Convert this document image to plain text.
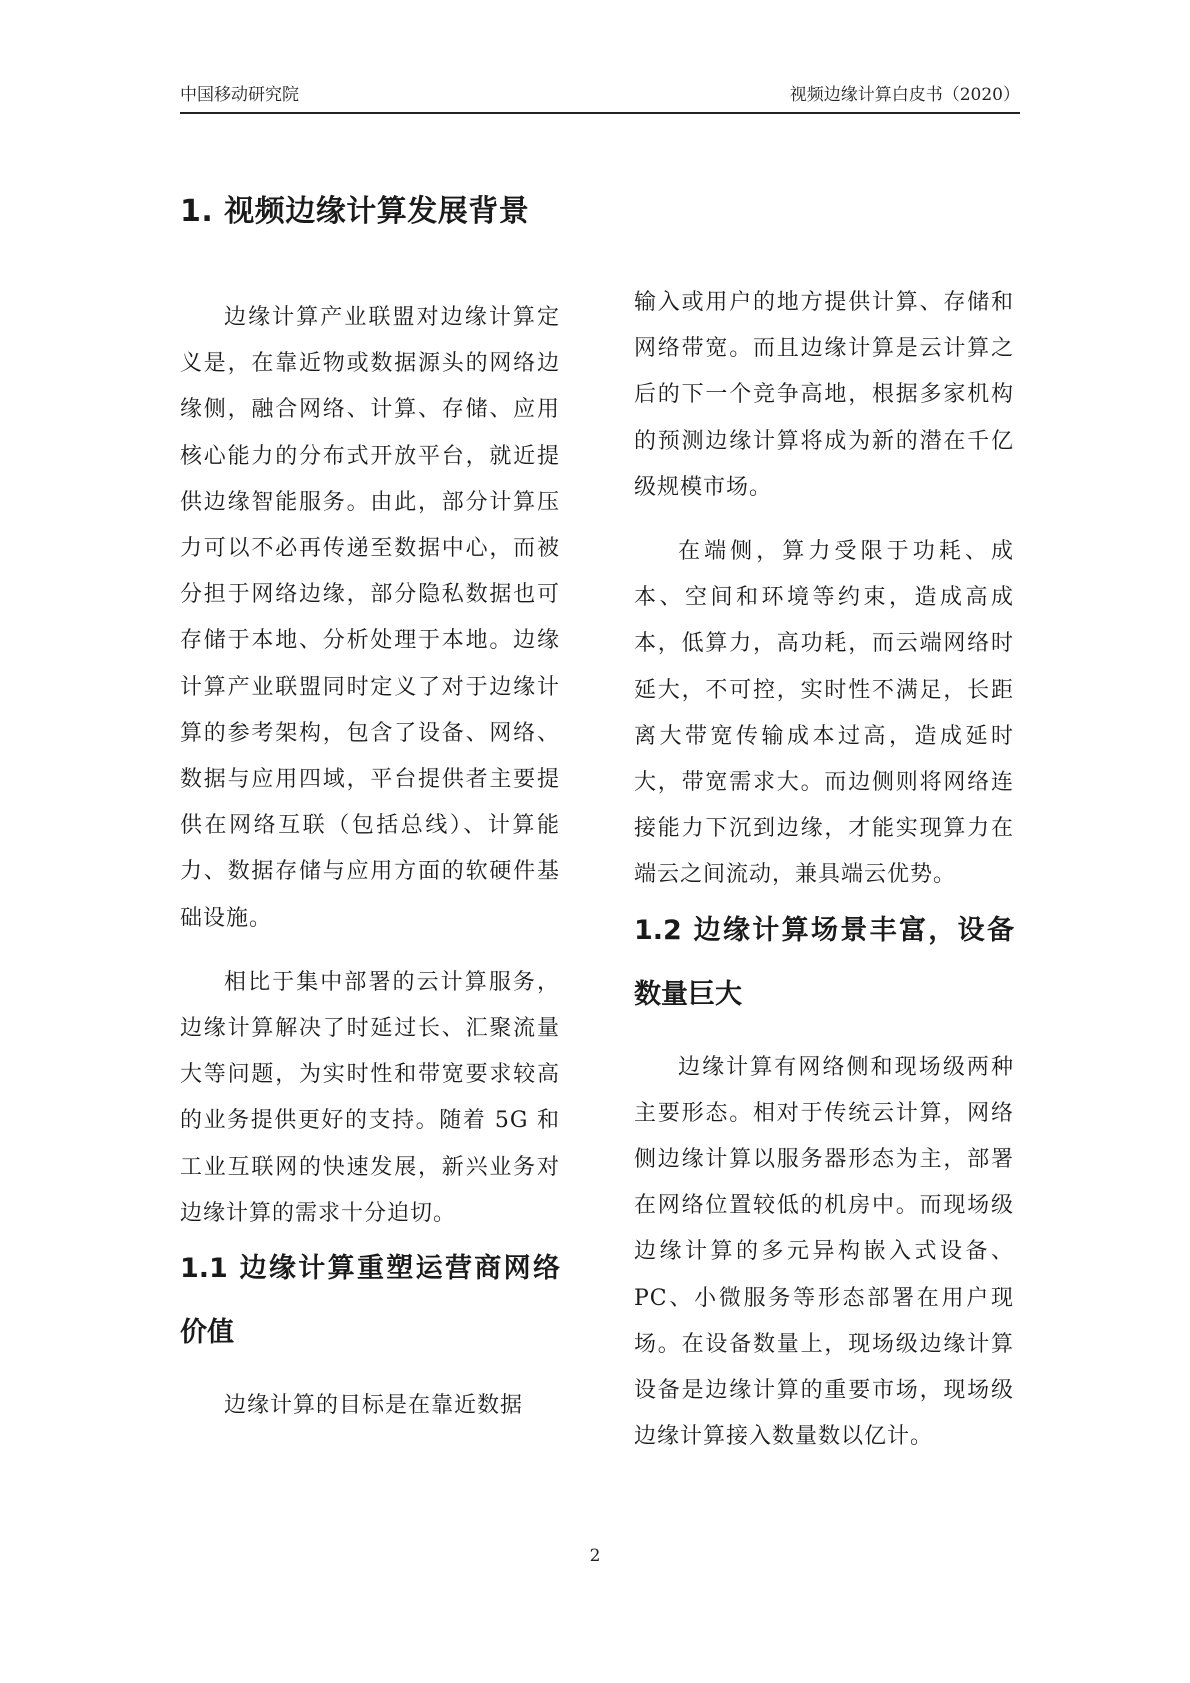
中国移动研究院	视频边缘计算白皮书（2020）
1. 视频边缘计算发展背景

边缘计算产业联盟对边缘计算定义是，在靠近物或数据源头的网络边缘侧，融合网络、计算、存储、应用核心能力的分布式开放平台，就近提供边缘智能服务。由此，部分计算压力可以不必再传递至数据中心，而被分担于网络边缘，部分隐私数据也可存储于本地、分析处理于本地。边缘计算产业联盟同时定义了对于边缘计算的参考架构，包含了设备、网络、数据与应用四域，平台提供者主要提供在网络互联（包括总线）、计算能力、数据存储与应用方面的软硬件基础设施。

相比于集中部署的云计算服务，边缘计算解决了时延过长、汇聚流量大等问题，为实时性和带宽要求较高的业务提供更好的支持。随着 5G 和工业互联网的快速发展，新兴业务对边缘计算的需求十分迫切。

1.1 边缘计算重塑运营商网络价值

边缘计算的目标是在靠近数据

输入或用户的地方提供计算、存储和网络带宽。而且边缘计算是云计算之后的下一个竞争高地，根据多家机构的预测边缘计算将成为新的潜在千亿级规模市场。

在端侧，算力受限于功耗、成本、空间和环境等约束，造成高成本，低算力，高功耗，而云端网络时延大，不可控，实时性不满足，长距离大带宽传输成本过高，造成延时大，带宽需求大。而边侧则将网络连接能力下沉到边缘，才能实现算力在端云之间流动，兼具端云优势。

1.2 边缘计算场景丰富，设备数量巨大

边缘计算有网络侧和现场级两种主要形态。相对于传统云计算，网络侧边缘计算以服务器形态为主，部署在网络位置较低的机房中。而现场级边缘计算的多元异构嵌入式设备、PC、小微服务等形态部署在用户现场。在设备数量上，现场级边缘计算设备是边缘计算的重要市场，现场级边缘计算接入数量数以亿计。

2
